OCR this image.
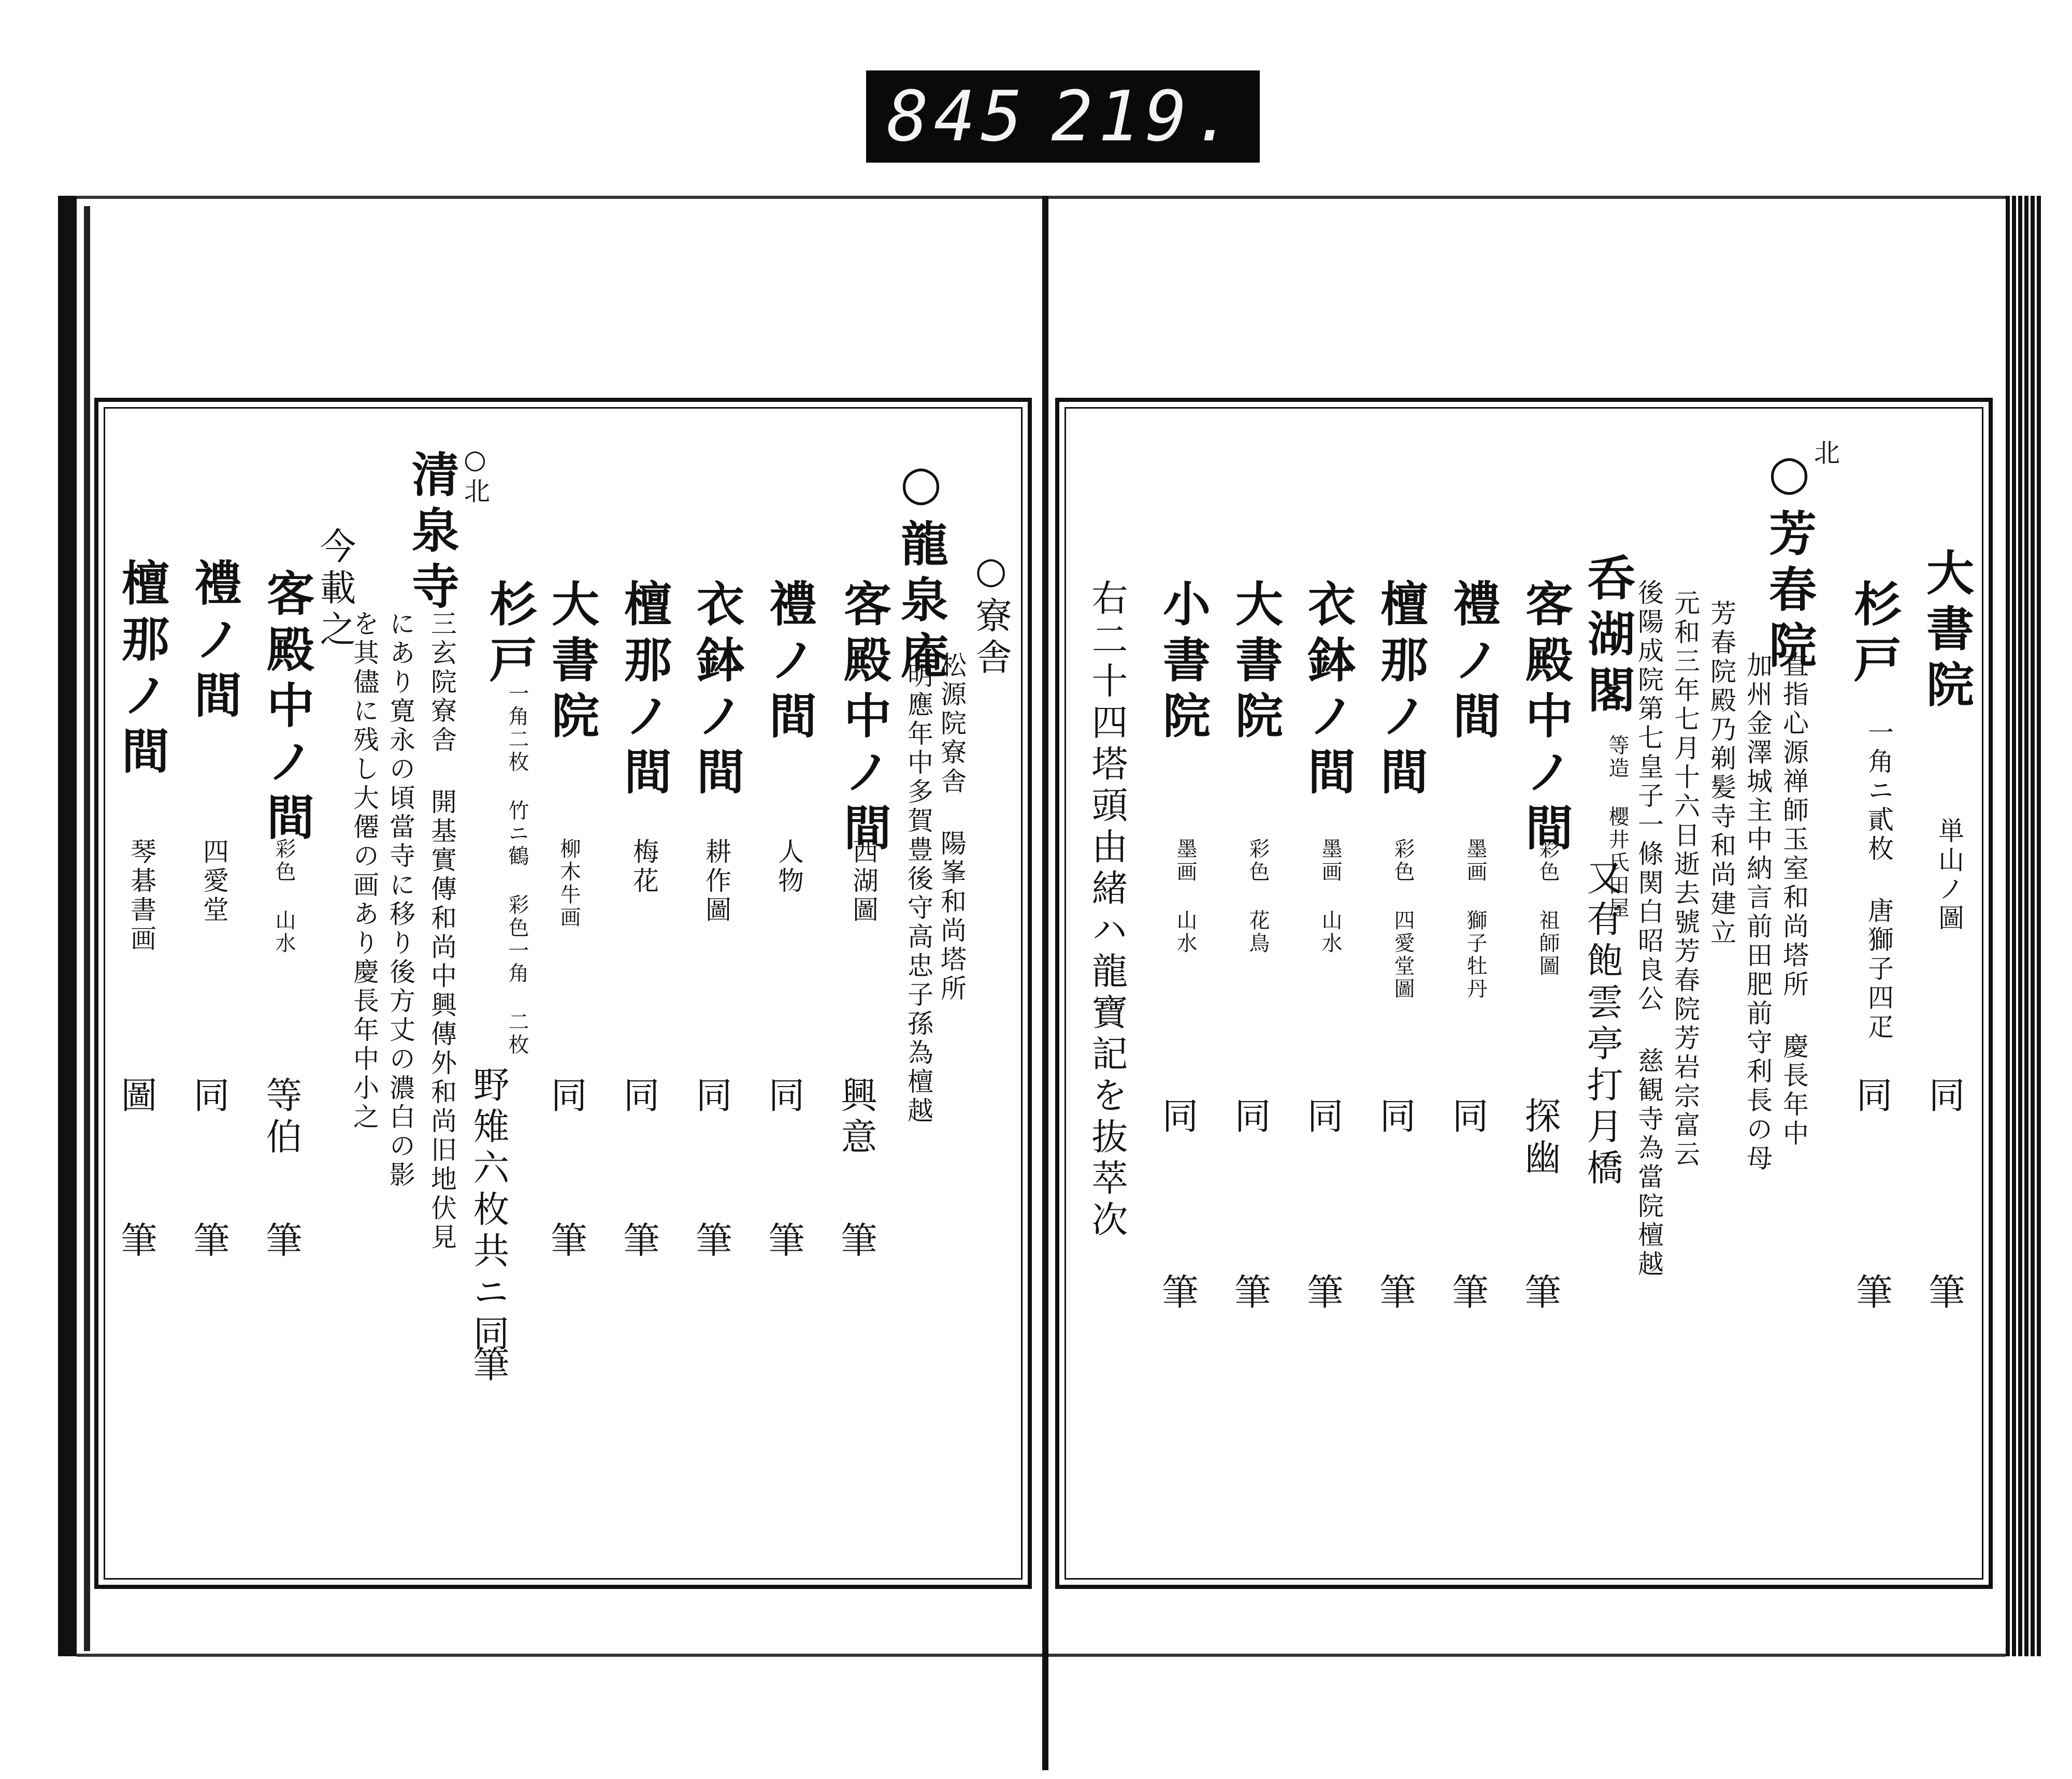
845 219.
○寮舎
○龍泉庵
松源院寮舎 陽峯和尚塔所
明應年中多賀豊後守高忠子孫為檀越
客殿中ノ間
西湖圖
興意
筆
禮ノ間
人物
同
筆
衣鉢ノ間
耕作圖
同
筆
檀那ノ間
梅花
同
筆
大書院
柳木牛画
同
筆
杉戸
一角二枚 竹ニ鶴 彩色一角 二枚
野雉六枚共ニ同
筆
○北
清泉寺
三玄院寮舎 開基實傳和尚中興傳外和尚旧地伏見
にあり寛永の頃當寺に移り後方丈の濃白の影
を其儘に残し大僊の画あり慶長年中小之
今載之
客殿中ノ間
彩色 山水
等伯
筆
禮ノ間
四愛堂
同
筆
檀那ノ間
琴碁書画
圖
筆
大書院
単山ノ圖
同
筆
杉戸
一角ニ貳枚 唐獅子四疋
同
筆
北
○芳春院
直指心源禅師玉室和尚塔所 慶長年中
加州金澤城主中納言前田肥前守利長の母
芳春院殿乃剃髪寺和尚建立
元和三年七月十六日逝去號芳春院芳岩宗富云
後陽成院第七皇子一條関白昭良公 慈観寺為當院檀越
呑湖閣
等造 櫻井氏田屋
又有飽雲亭打月橋
客殿中ノ間
彩色 祖師圖
探幽
筆
禮ノ間
墨画 獅子牡丹
同
筆
檀那ノ間
彩色 四愛堂圖
同
筆
衣鉢ノ間
墨画 山水
同
筆
大書院
彩色 花鳥
同
筆
小書院
墨画 山水
同
筆
右二十四塔頭由緒ハ龍寶記を抜萃次
